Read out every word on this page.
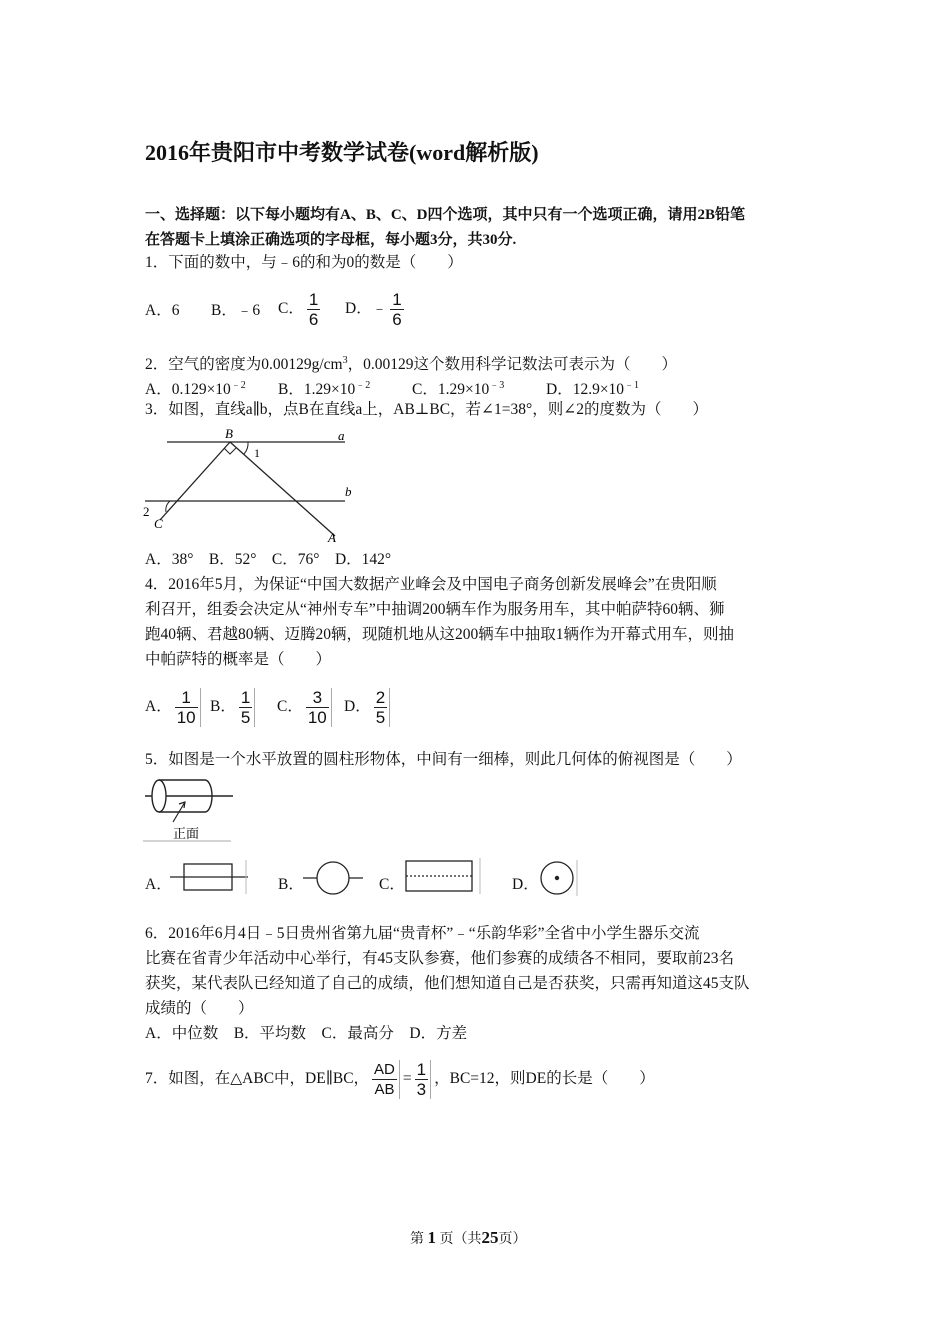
2016年贵阳市中考数学试卷(word解析版)
一、选择题：以下每小题均有A、B、C、D四个选项，其中只有一个选项正确，请用2B铅笔
在答题卡上填涂正确选项的字母框，每小题3分，共30分.
1．下面的数中，与﹣6的和为0的数是（　　）
A．6 B．﹣6 C． $\frac{1}{6}$ D．﹣ $\frac{1}{6}$
2．空气的密度为$0.00129g/cm^3$，0.00129这个数用科学记数法可表示为（　　）
A．$0.129\times 10^{﹣2}$ B．$1.29\times 10^{﹣2}$	C．$1.29\times 10^{﹣3}$	D．$12.9\times 10^{﹣1}$
3．如图，直线a∥b，点B在直线a上，AB⊥BC，若∠1=38°，则∠2的度数为（　　）
B	a
1
b
2
C
A
A．38°　B．52°　C．76°　D．142°
4．2016年5月，为保证“中国大数据产业峰会及中国电子商务创新发展峰会”在贵阳顺
利召开，组委会决定从“神州专车”中抽调200辆车作为服务用车，其中帕萨特60辆、狮
跑40辆、君越80辆、迈腾20辆，现随机地从这200辆车中抽取1辆作为开幕式用车，则抽
中帕萨特的概率是（　　）
A． $\frac{1}{10}$ B． $\frac{1}{5}$ C． $\frac{3}{10}$ D． $\frac{2}{5}$
5．如图是一个水平放置的圆柱形物体，中间有一细棒，则此几何体的俯视图是（　　）
正面
A．	B．	C．	D．
6．2016年6月4日﹣5日贵州省第九届“贵青杯”﹣“乐韵华彩”全省中小学生器乐交流
比赛在省青少年活动中心举行，有45支队参赛，他们参赛的成绩各不相同，要取前23名
获奖，某代表队已经知道了自己的成绩，他们想知道自己是否获奖，只需再知道这45支队
成绩的（　　）
A．中位数　B．平均数　C．最高分　D．方差
7．如图，在△ABC中，DE∥BC， $\frac{AD}{AB} = \frac{1}{3}$ ，BC=12，则DE的长是（　　）
第 1 页（共25页）
